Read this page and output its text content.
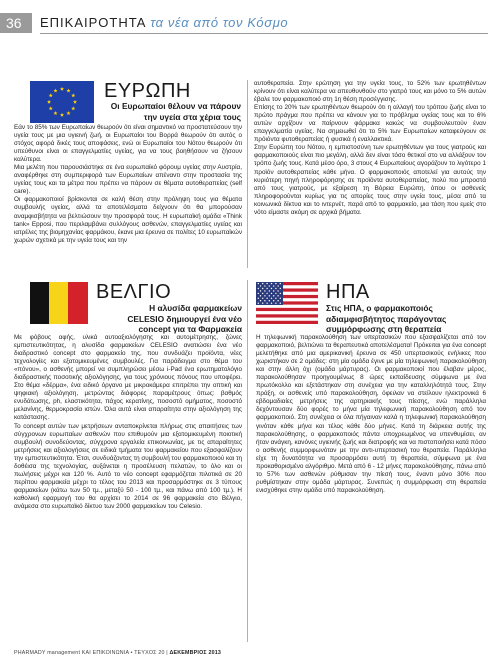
36	ΕΠΙΚΑΙΡΟΤΗΤΑ τα νέα από τον Κόσμο
ΕΥΡΩΠΗ
Οι Ευρωπαίοι θέλουν να πάρουν
την υγεία στα χέρια τους

Εάν το 85% των Ευρωπαίων θεωρούν ότι είναι σημαντικό να προστατεύσουν την υγεία τους με μια υγιεινή ζωή, οι Ευρωπαίοι του Βορρά θεωρούν ότι αυτός ο στόχος αφορά δικές τους αποφάσεις, ενώ οι Ευρωπαίοι του Νότου θεωρούν ότι υπεύθυνοι είναι οι επαγγελματίες υγείας, για να τους βοηθήσουν να ζήσουν καλύτερα.

Μια μελέτη που παρουσιάστηκε σε ένα ευρωπαϊκό φόρουμ υγείας στην Αυστρία, αναφέρθηκε στη συμπεριφορά των Ευρωπαίων απέναντι στην προστασία της υγείας τους και τα μέτρα που πρέπει να πάρουν σε θέματα αυτοθεραπείας (self care).

Οι φαρμακοποιοί βρίσκονται σε καλή θέση στην πρόληψη τους για θέματα συμβουλής υγείας, αλλά τα αποτελέσματα δείχνουν ότι θα μπορούσαν αναμφισβήτητα να βελτιώσουν την προσφορά τους. Η ευρωπαϊκή ομάδα «Think tank» Epposi, που περιλαμβάνει συλλόγους ασθενών, επαγγελματίες υγείας και ιατρέλες της βιομηχανίας φαρμάκου, έκανε μια έρευνα σε πολίτες 10 ευρωπαϊκών χωρών σχετικά με την υγεία τους και την

αυτοθεραπεία. Στην ερώτηση για την υγεία τους, το 52% των ερωτηθέντων κρίνουν ότι είναι καλύτερα να απευθυνθούν στο γιατρό τους και μόνο το 5% αυτών έβαλε τον φαρμακοποιό στη 1η θέση προσέγγισης.

Επίσης το 20% των ερωτηθέντων θεωρούν ότι η αλλαγή του τρόπου ζωής είναι το πρώτο πράγμα που πρέπει να κάνουν για το πρόβλημα υγείας τους και το 6% αυτών αρχίζουν να παίρνουν φάρμακα κακώς να συμβουλευτούν έναν επαγγελματία υγείας. Να σημειωθεί ότι το 5% των Ευρωπαίων καταφεύγουν σε πρόιόντα φυτοθεραπείας ή φυσικά ή εναλλακτικά.

Στην Ευρώπη του Νότου, η εμπιστοσύνη των ερωτηθέντων για τους γιατρούς και φαρμακοποιούς είναι πιο μεγάλη, αλλά δεν είναι τόσο θετικοί στο να αλλάξουν τον τρόπο ζωής τους. Κατά μέσο όρο, 3 στους 4 Ευρωπαίους αγοράζουν το λιγότερο 1 προϊόν αυτοθεραπείας κάθε μήνα. Ο φαρμακοποιός αποτελεί για αυτούς την κυριότερη πηγή πληροφόρησης σε προϊόντα αυτοθεραπείας, πολύ πιο μπροστά από τους γιατρούς, με εξαίρεση τη Βόρεια Ευρώπη, όπου οι ασθενείς πληροφορούνται κυρίως για τις απορίες τους στην υγεία τους, μέσα από τα κοινωνικά δίκτυα και το ιντερνέτ, παρά από το φαρμακείο, μια τάση που εμείς στο νότο είμαστε ακόμη σε αρχικά βήματα.

ΒΕΛΓΙΟ
Η αλυσίδα φαρμακείων
CELESIO δημιουργεί ένα νέο
concept για τα Φαρμακεία

Με φόβους αφής, υλικά αυτοαξιολόγησης και αυτομέτρησης, ζώνες εμπιστευτικότητας, η αλυσίδα φαρμακείων CELESIO ανατιώσει ένα νέο διαδραστικό concept στο φαρμακείο της, που συνδυάζει προϊόντα, νέες τεχνολογίες και εξατομικευμένες συμβουλές. Για παράδειγμα στο θέμα του «πόνου», ο ασθενής μπορεί να συμπληρώσει μέσω i-Pad ένα ερωτηματολόγιο διαδραστικής ποσοτικής αξιολόγησης, για τους χρόνιους πόνους που υποφέρει. Στο θέμα «δέρμα», ένα ειδικό όργανο με μικροκάμερα επιτρέπει την οπτική και ψηφιακή αξιολόγηση, μετρώντας διάφορες παραμέτρους όπως: βαθμός ενυδάτωσης, ph, ελαστικότητα, πάχος κερατίνης, ποσοστό ομήματος, ποσοστό μελανίνης, θερμοκρασία ιστών. Όλα αυτά είναι απαραίτητα στην αξιολόγηση της κατάστασης.

Το concept αυτών των μετρήσεων ανταποκρίνεται πλήρως στις απαιτήσεις των σύγχρονων ευρωπαίων ασθενών που επιθυμούν μια εξατομικευμένη ποιοτική συμβουλή συνοδεύοντας, σύγχρονα εργαλεία επικοινωνίας, με τις απαραίτητες μετρήσεις και αξιολογήσεις σε ειδικά τμήματα του φαρμακείου που εξασφαλίζουν την εμπιστευτικότητα. Έτσι, συνδυάζοντας τη συμβουλή του φαρμακοποιού και τη δοθέισα της τεχνολογίας, αυξάνεται η προσέλευση πελατών, το όλο και οι πωλήσεις μέχρι και 120 %. Αυτό το νέο concept εφαρμόζεται πιλοτικά σε 20 περίπου φαρμακεία μέχρι το τέλος του 2013 και προσαρμόστηκε σε 3 τύπους φαρμακείων (κάτω των 50 τμ., μεταξύ 50 - 100 τμ., και πάνω από 100 τμ.). Η καθολική εφαρμογή του θα αρχίσει το 2014 σε 96 φαρμακεία στο Βέλγιο, ανάμεσα στο ευρωπαϊκό δίκτυο των 2000 φαρμακείων του Celesio.

ΗΠΑ
Στις ΗΠΑ, ο φαρμακοποιός
αδιαμφισβήτητος παράγοντας
συμμόρφωσης στη θεραπεία

Η τηλεφωνική παρακολούθηση των υπερτασικών που εξασφαλίζεται από τον φαρμακοποιό, βελτιώνει τα θεραπευτικά αποτελέσματα! Πρόκειται για ένα concept μελετήθηκε από μια αμερικανική έρευνα σε 450 υπερτασικούς ενήλικες που χωριστήκαν σε 2 ομάδες: στη μία ομάδα έγινε με μία τηλεφωνική παρακολούθηση και στην άλλη όχι (ομάδα μάρτυρας). Οι φαρμακοποιοί που έλαβαν μέρος, παρακολούθησαν προηγουμένως 8 ώρες εκπαίδευσης σύμφωνα με ένα πρωτόκολλο και εξετάστηκαν στη συνέχεια για την καταλληλότητά τους. Στην πράξη, οι ασθενείς υπό παρακολούθηση, όφειλαν να στείλουν ηλεκτρονικά 6 εβδομαδιαίες μετρήσεις της αρτηριακής τους πίεσης, ενώ παράλληλα δεχόντουσαν δύο φορές το μήνα μία τηλεφωνική παρακολούθηση από τον φαρμακοποιό. Στη συνέχεια οι όλα πήγαιναν καλά η τηλεφωνική παρακολούθηση γινόταν κάθε μήνα και τέλος κάθε δύο μήνες. Κατά τη διάρκεια αυτής της παρακολούθησης, ο φαρμακοποιός πάντα υποχρεωμένος να υπενθυμίσει, αν ήταν ανάγκη, κανόνες υγιεινής ζωής και διατροφής και να πιστοποιήσει κατά πόσο ο ασθενής συμμορφωνόταν με την αντι-υπερτασική του θεραπεία. Παράλληλα είχε τη δυνατότητα να προσαρμόσει αυτή τη θεραπεία, σύμφωνα με ένα προκαθορισμένο αλγόριθμο. Μετά από 6 - 12 μήνες παρακολούθησης, πάνω από το 57% των ασθενών ρύθμισαν την πίεσή τους, έναντι μόνο 30% που ρυθμίστηκαν στην ομάδα μάρτυρας. Συνεπώς η συμμόρφωση στη θεραπεία ενισχύθηκε στην ομάδα υπό παρακολούθηση.

PHARMADY management ΚΑΙ ΕΠΙΚΟΙΝΩΝΙΑ • ΤΕΥΧΟΣ 20 | ΔΕΚΕΜΒΡΙΟΣ 2013
